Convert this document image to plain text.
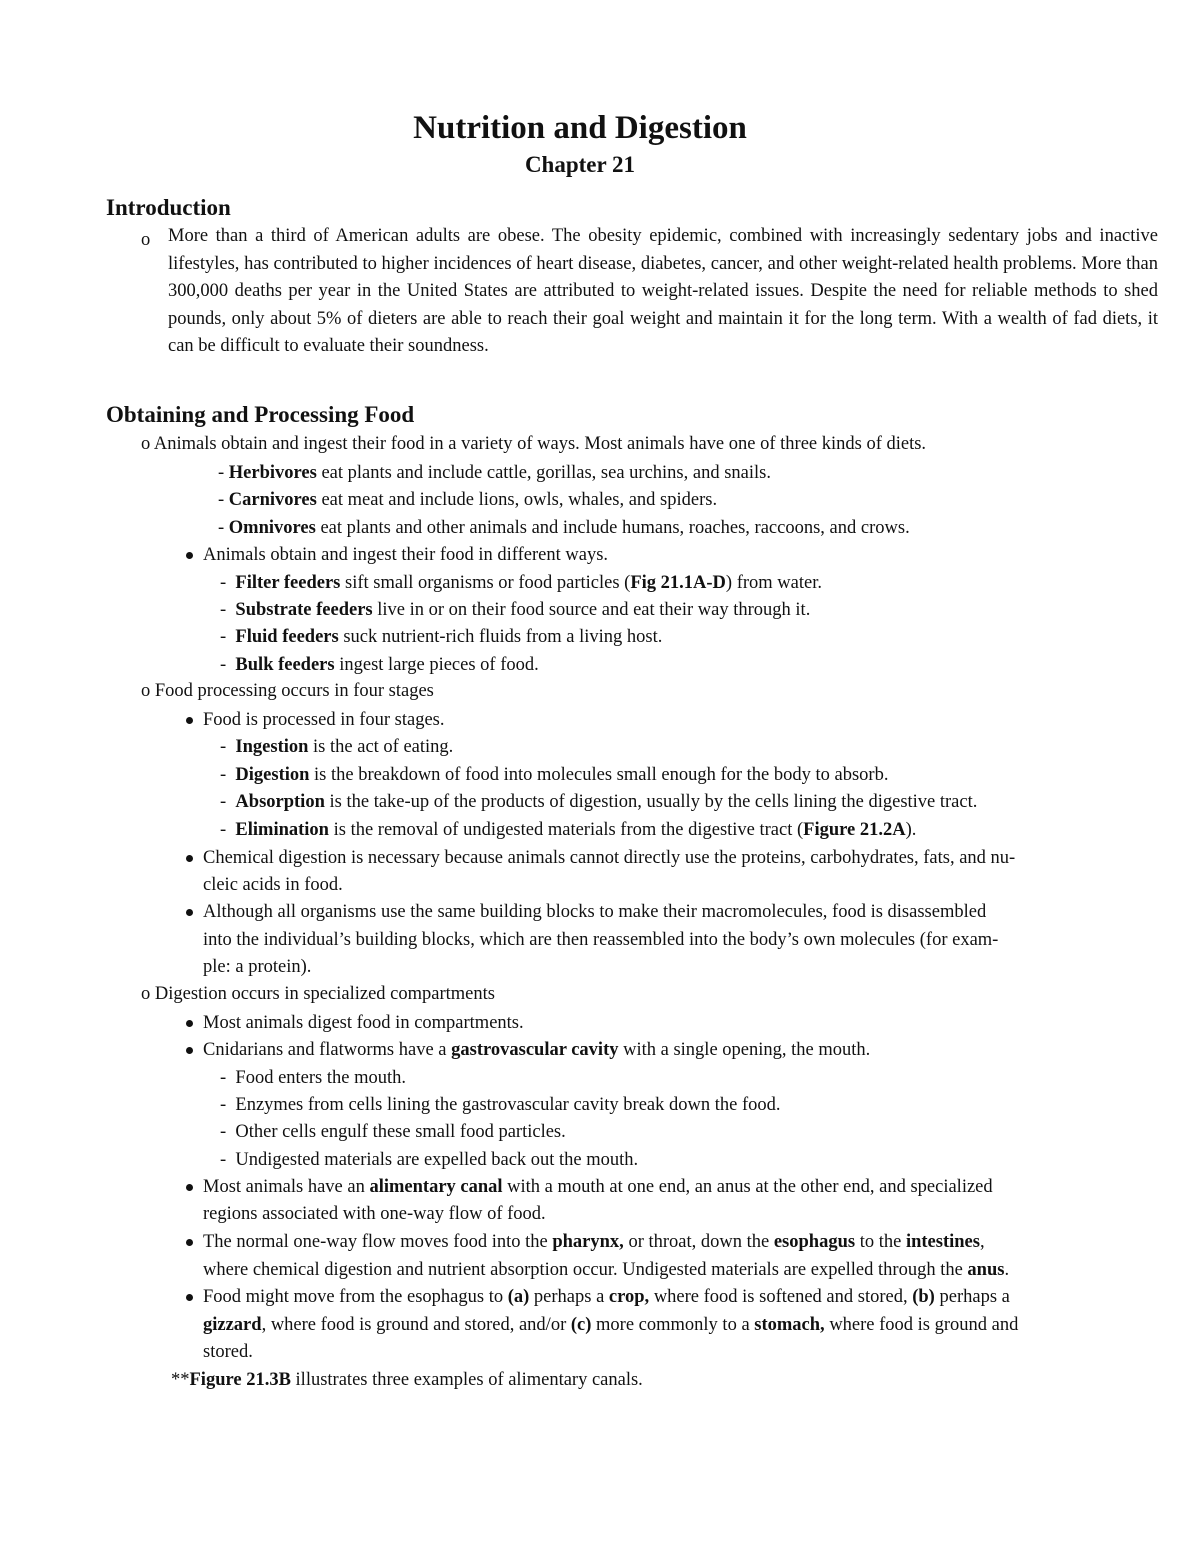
Nutrition and Digestion
Chapter 21
Introduction
o More than a third of American adults are obese. The obesity epidemic, combined with increasingly sedentary jobs and inactive lifestyles, has contributed to higher incidences of heart disease, diabetes, cancer, and other weight-related health problems. More than 300,000 deaths per year in the United States are attributed to weight-related issues. Despite the need for reliable methods to shed pounds, only about 5% of dieters are able to reach their goal weight and maintain it for the long term. With a wealth of fad diets, it can be difficult to evaluate their soundness.
Obtaining and Processing Food
o Animals obtain and ingest their food in a variety of ways. Most animals have one of three kinds of diets.
- Herbivores eat plants and include cattle, gorillas, sea urchins, and snails.
- Carnivores eat meat and include lions, owls, whales, and spiders.
- Omnivores eat plants and other animals and include humans, roaches, raccoons, and crows.
Animals obtain and ingest their food in different ways.
-  Filter feeders sift small organisms or food particles (Fig 21.1A-D) from water.
-  Substrate feeders live in or on their food source and eat their way through it.
-  Fluid feeders suck nutrient-rich fluids from a living host.
-  Bulk feeders ingest large pieces of food.
o Food processing occurs in four stages
Food is processed in four stages.
-  Ingestion is the act of eating.
-  Digestion is the breakdown of food into molecules small enough for the body to absorb.
-  Absorption is the take-up of the products of digestion, usually by the cells lining the digestive tract.
-  Elimination is the removal of undigested materials from the digestive tract (Figure 21.2A).
Chemical digestion is necessary because animals cannot directly use the proteins, carbohydrates, fats, and nu-
cleic acids in food.
Although all organisms use the same building blocks to make their macromolecules, food is disassembled
into the individual’s building blocks, which are then reassembled into the body’s own molecules (for exam-
ple: a protein).
o Digestion occurs in specialized compartments
Most animals digest food in compartments.
Cnidarians and flatworms have a gastrovascular cavity with a single opening, the mouth.
-  Food enters the mouth.
-  Enzymes from cells lining the gastrovascular cavity break down the food.
-  Other cells engulf these small food particles.
-  Undigested materials are expelled back out the mouth.
Most animals have an alimentary canal with a mouth at one end, an anus at the other end, and specialized
regions associated with one-way flow of food.
The normal one-way flow moves food into the pharynx, or throat, down the esophagus to the intestines,
where chemical digestion and nutrient absorption occur. Undigested materials are expelled through the anus.
Food might move from the esophagus to (a) perhaps a crop, where food is softened and stored, (b) perhaps a
gizzard, where food is ground and stored, and/or (c) more commonly to a stomach, where food is ground and
stored.
**Figure 21.3B illustrates three examples of alimentary canals.
